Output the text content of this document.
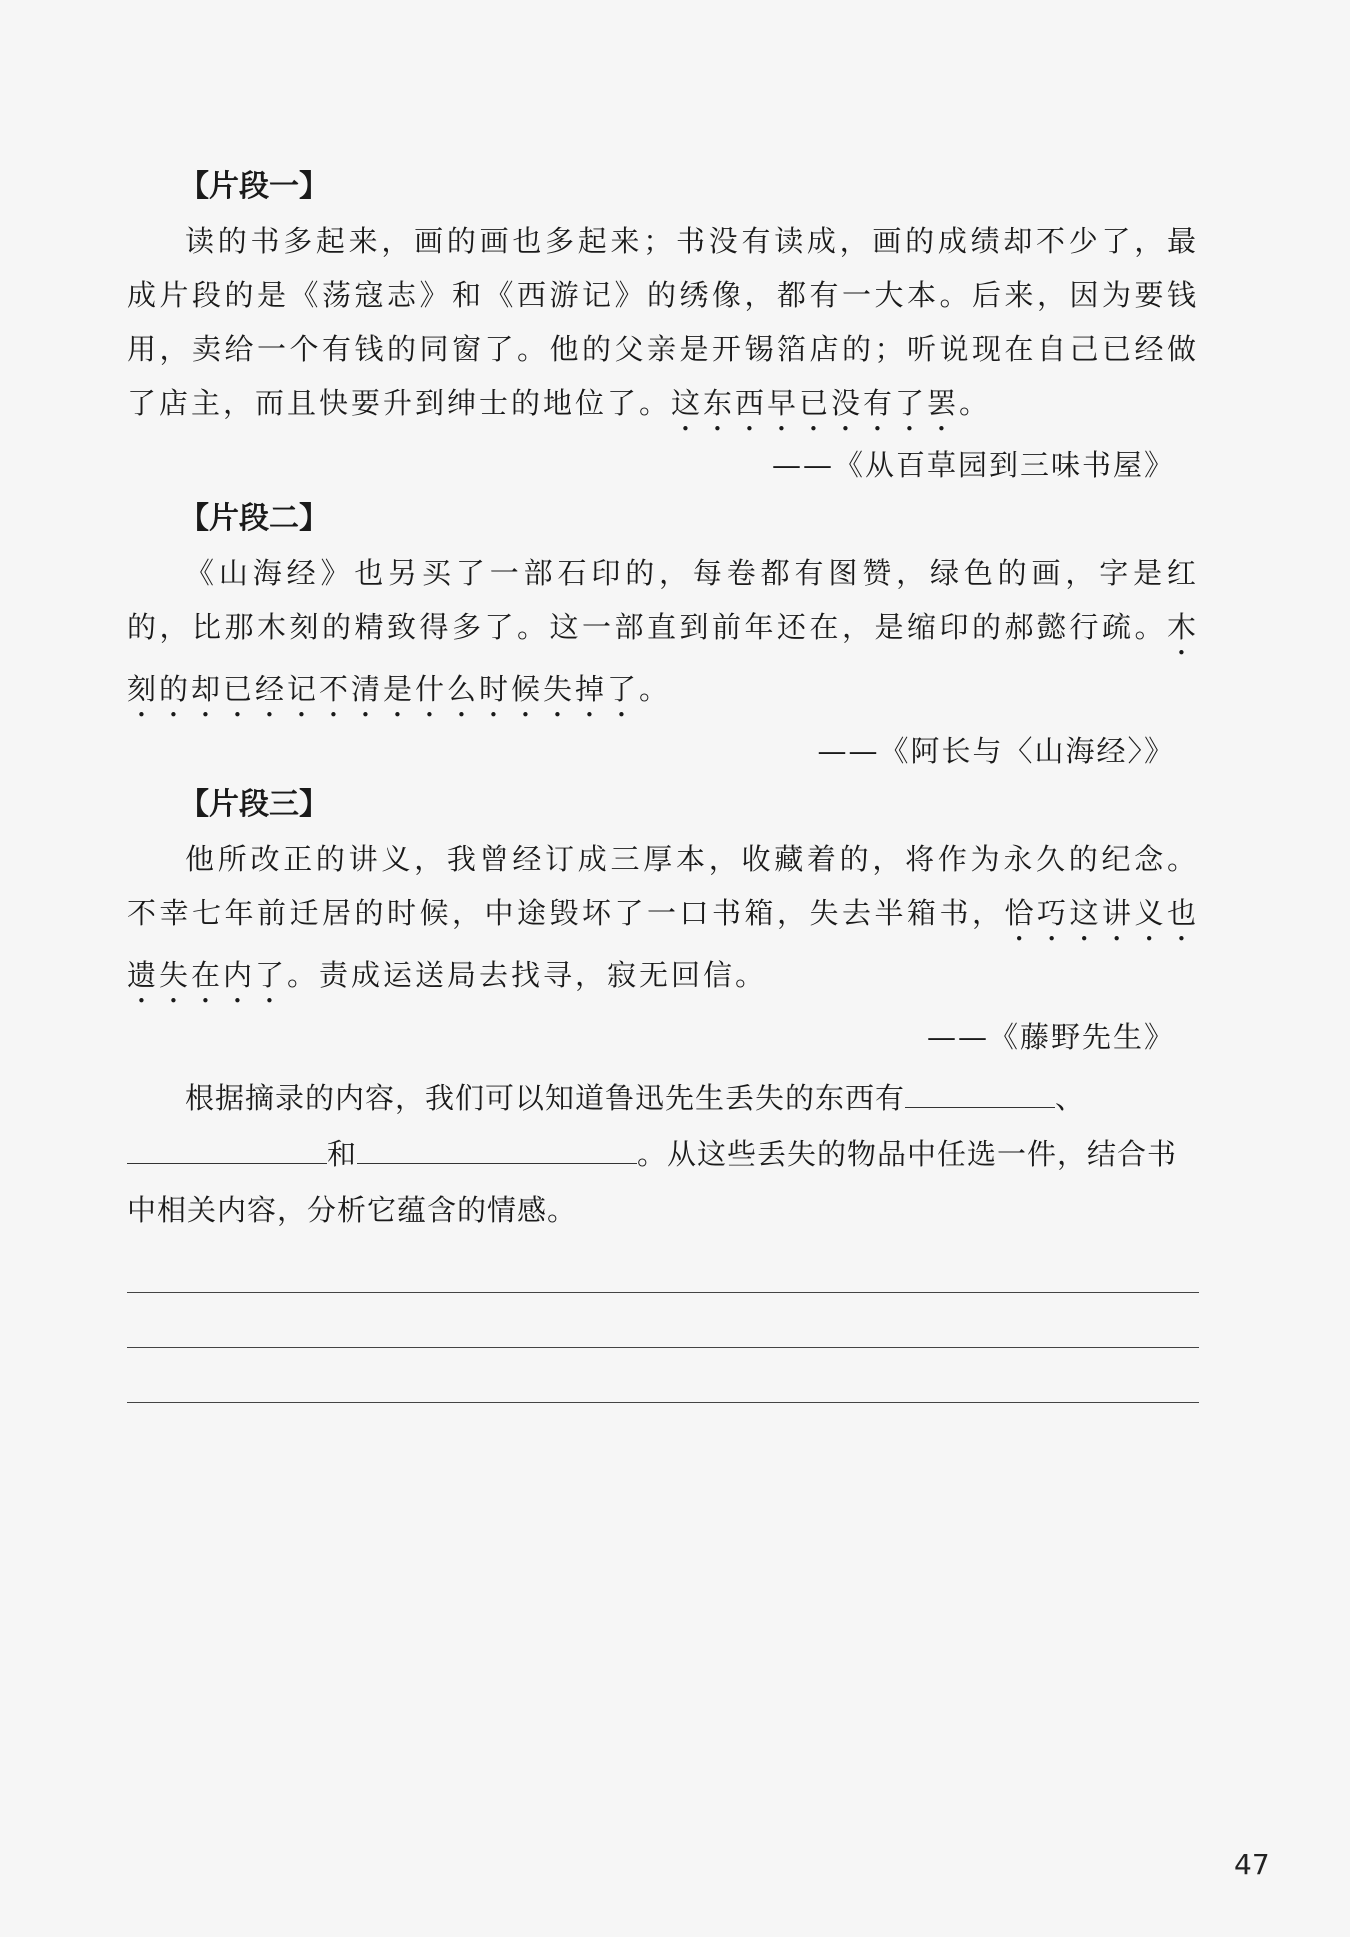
【片段一】

读的书多起来，画的画也多起来；书没有读成，画的成绩却不少了，最成片段的是《荡寇志》和《西游记》的绣像，都有一大本。后来，因为要钱用，卖给一个有钱的同窗了。他的父亲是开锡箔店的；听说现在自己已经做了店主，而且快要升到绅士的地位了。这东西早已没有了罢。

——《从百草园到三味书屋》
【片段二】

《山海经》也另买了一部石印的，每卷都有图赞，绿色的画，字是红的，比那木刻的精致得多了。这一部直到前年还在，是缩印的郝懿行疏。木刻的却已经记不清是什么时候失掉了。

——《阿长与〈山海经〉》
【片段三】

他所改正的讲义，我曾经订成三厚本，收藏着的，将作为永久的纪念。不幸七年前迁居的时候，中途毁坏了一口书箱，失去半箱书，恰巧这讲义也遗失在内了。责成运送局去找寻，寂无回信。

——《藤野先生》

根据摘录的内容，我们可以知道鲁迅先生丢失的东西有	、和	。从这些丢失的物品中任选一件，结合书中相关内容，分析它蕴含的情感。

47
